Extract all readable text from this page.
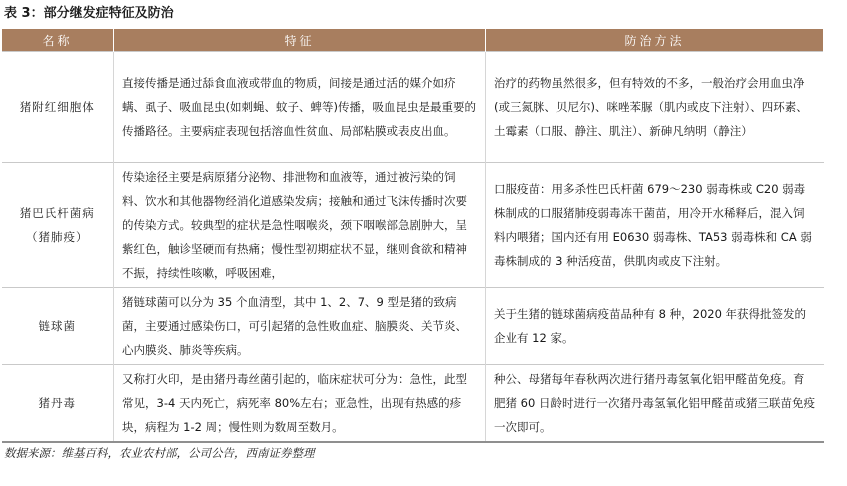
表 3：部分继发症特征及防治
名称	特征	防治方法
猪附红细胞体	直接传播是通过舔食血液或带血的物质，间接是通过活的媒介如疥螨、虱子、吸血昆虫(如刺蝇、蚊子、蜱等)传播，吸血昆虫是最重要的传播路径。主要病症表现包括溶血性贫血、局部粘膜或表皮出血。	治疗的药物虽然很多，但有特效的不多，一般治疗会用血虫净(或三氮脒、贝尼尔)、咪唑苯脲（肌内或皮下注射）、四环素、土霉素（口服、静注、肌注）、新砷凡纳明（静注）

猪巴氏杆菌病
（猪肺疫）	传染途径主要是病原猪分泌物、排泄物和血液等，通过被污染的饲料、饮水和其他器物经消化道感染发病；接触和通过飞沫传播时次要的传染方式。较典型的症状是急性咽喉炎，颈下咽喉部急剧肿大，呈紫红色，触诊坚硬而有热痛；慢性型初期症状不显，继则食欲和精神不振，持续性咳嗽，呼吸困难，	口服疫苗：用多杀性巴氏杆菌 679～230 弱毒株或 C20 弱毒株制成的口服猪肺疫弱毒冻干菌苗，用冷开水稀释后，混入饲料内喂猪；国内还有用 E0630 弱毒株、TA53 弱毒株和 CA 弱毒株制成的 3 种活疫苗，供肌肉或皮下注射。
链球菌	猪链球菌可以分为 35 个血清型，其中 1、2、7、9 型是猪的致病菌，主要通过感染伤口，可引起猪的急性败血症、脑膜炎、关节炎、心内膜炎、肺炎等疾病。	关于生猪的链球菌病疫苗品种有 8 种，2020 年获得批签发的企业有 12 家。
猪丹毒	又称打火印，是由猪丹毒丝菌引起的，临床症状可分为：急性，此型常见，3-4 天内死亡，病死率 80%左右；亚急性，出现有热感的疹块，病程为 1-2 周；慢性则为数周至数月。	种公、母猪每年春秋两次进行猪丹毒氢氧化铝甲醛苗免疫。育肥猪 60 日龄时进行一次猪丹毒氢氧化铝甲醛苗或猪三联苗免疫一次即可。
数据来源：维基百科，农业农村部，公司公告，西南证券整理
